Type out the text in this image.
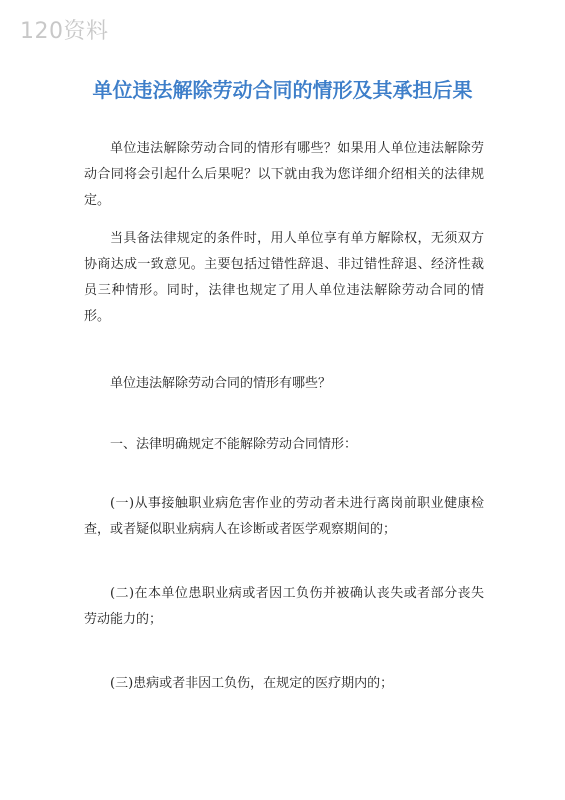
120资料
单位违法解除劳动合同的情形及其承担后果

单位违法解除劳动合同的情形有哪些？如果用人单位违法解除劳动合同将会引起什么后果呢？以下就由我为您详细介绍相关的法律规定。

当具备法律规定的条件时，用人单位享有单方解除权，无须双方协商达成一致意见。主要包括过错性辞退、非过错性辞退、经济性裁员三种情形。同时，法律也规定了用人单位违法解除劳动合同的情形。

单位违法解除劳动合同的情形有哪些？

一、法律明确规定不能解除劳动合同情形：

(一)从事接触职业病危害作业的劳动者未进行离岗前职业健康检查，或者疑似职业病病人在诊断或者医学观察期间的；

(二)在本单位患职业病或者因工负伤并被确认丧失或者部分丧失劳动能力的；

(三)患病或者非因工负伤，在规定的医疗期内的；
